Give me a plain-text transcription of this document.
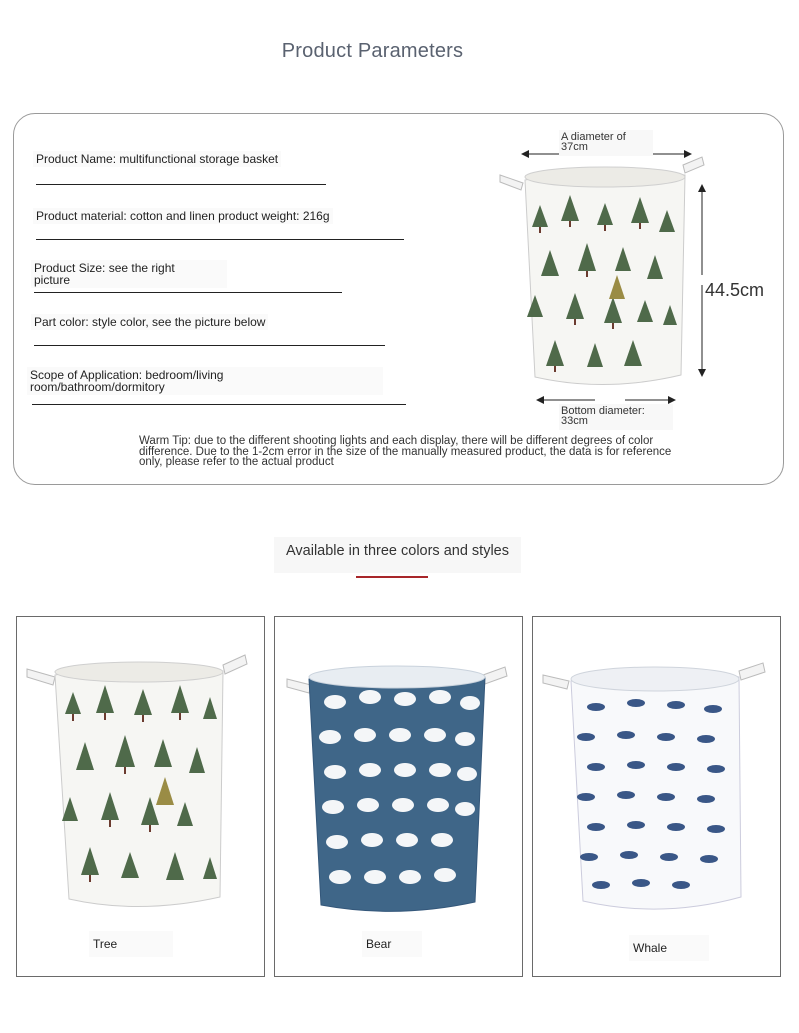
Product Parameters
Product Name: multifunctional storage basket
Product material: cotton and linen product weight: 216g
Product Size: see the right
picture
Part color: style color, see the picture below
Scope of Application: bedroom/living
room/bathroom/dormitory
A diameter of
37cm
44.5cm
Bottom diameter:
33cm
Warm Tip: due to the different shooting lights and each display, there will be different degrees of color
difference. Due to the 1-2cm error in the size of the manually measured product, the data is for reference
only, please refer to the actual product
Available in three colors and styles
Tree	Bear	Whale
